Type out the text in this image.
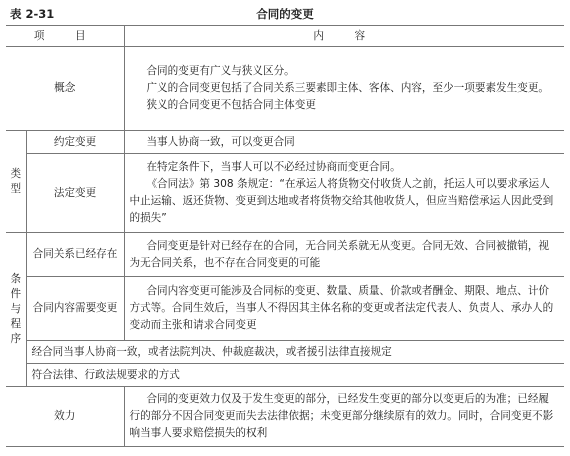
表 2-31	合同的变更
项　目		内　容
概念		合同的变更有广义与狭义区分。

广义的合同变更包括了合同关系三要素即主体、客体、内容，至少一项要素发生变更。

狭义的合同变更不包括合同主体变更

类
型	约定变更	当事人协商一致，可以变更合同
	法定变更	在特定条件下，当事人可以不必经过协商而变更合同。

《合同法》第 308 条规定：“在承运人将货物交付收货人之前，托运人可以要求承运人中止运输、返还货物、变更到达地或者将货物交给其他收货人，但应当赔偿承运人因此受到的损失”

条
件
与
程
序	合同关系已经存在	合同变更是针对已经存在的合同，无合同关系就无从变更。合同无效、合同被撤销，视为无合同关系，也不存在合同变更的可能
	合同内容需要变更	合同内容变更可能涉及合同标的变更、数量、质量、价款或者酬金、期限、地点、计价方式等。合同生效后，当事人不得因其主体名称的变更或者法定代表人、负责人、承办人的变动而主张和请求合同变更
	经合同当事人协商一致，或者法院判决、仲裁庭裁决，或者援引法律直接规定	
	符合法律、行政法规要求的方式	
效力		合同的变更效力仅及于发生变更的部分，已经发生变更的部分以变更后的为准；已经履行的部分不因合同变更而失去法律依据；未变更部分继续原有的效力。同时，合同变更不影响当事人要求赔偿损失的权利
